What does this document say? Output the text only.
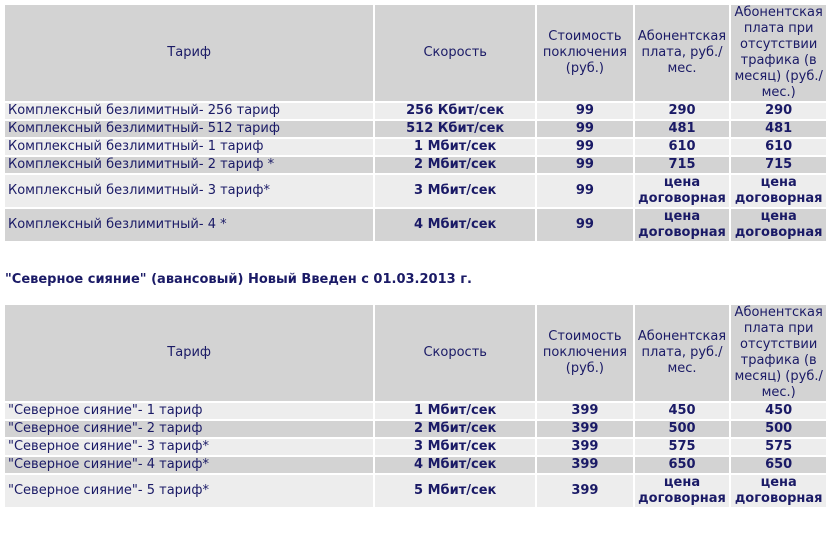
Тариф	Скорость	Стоимость поключения (руб.)	Абонентская плата, руб./мес.	Абонентская плата при отсутствии трафика (в месяц) (руб./мес.)
Комплексный безлимитный- 256 тариф	256 Кбит/сек	99	290	290
Комплексный безлимитный- 512 тариф	512 Кбит/сек	99	481	481
Комплексный безлимитный- 1 тариф	1 Мбит/сек	99	610	610
Комплексный безлимитный- 2 тариф *	2 Мбит/сек	99	715	715
Комплексный безлимитный- 3 тариф*	3 Мбит/сек	99	цена договорная	цена договорная
Комплексный безлимитный- 4 *	4 Мбит/сек	99	цена договорная	цена договорная
"Северное сияние" (авансовый) Новый Введен с 01.03.2013 г.
Тариф	Скорость	Стоимость поключения (руб.)	Абонентская плата, руб./мес.	Абонентская плата при отсутствии трафика (в месяц) (руб./мес.)
"Северное сияние"- 1 тариф	1 Мбит/сек	399	450	450
"Северное сияние"- 2 тариф	2 Мбит/сек	399	500	500
"Северное сияние"- 3 тариф*	3 Мбит/сек	399	575	575
"Северное сияние"- 4 тариф*	4 Мбит/сек	399	650	650
"Северное сияние"- 5 тариф*	5 Мбит/сек	399	цена договорная	цена договорная
